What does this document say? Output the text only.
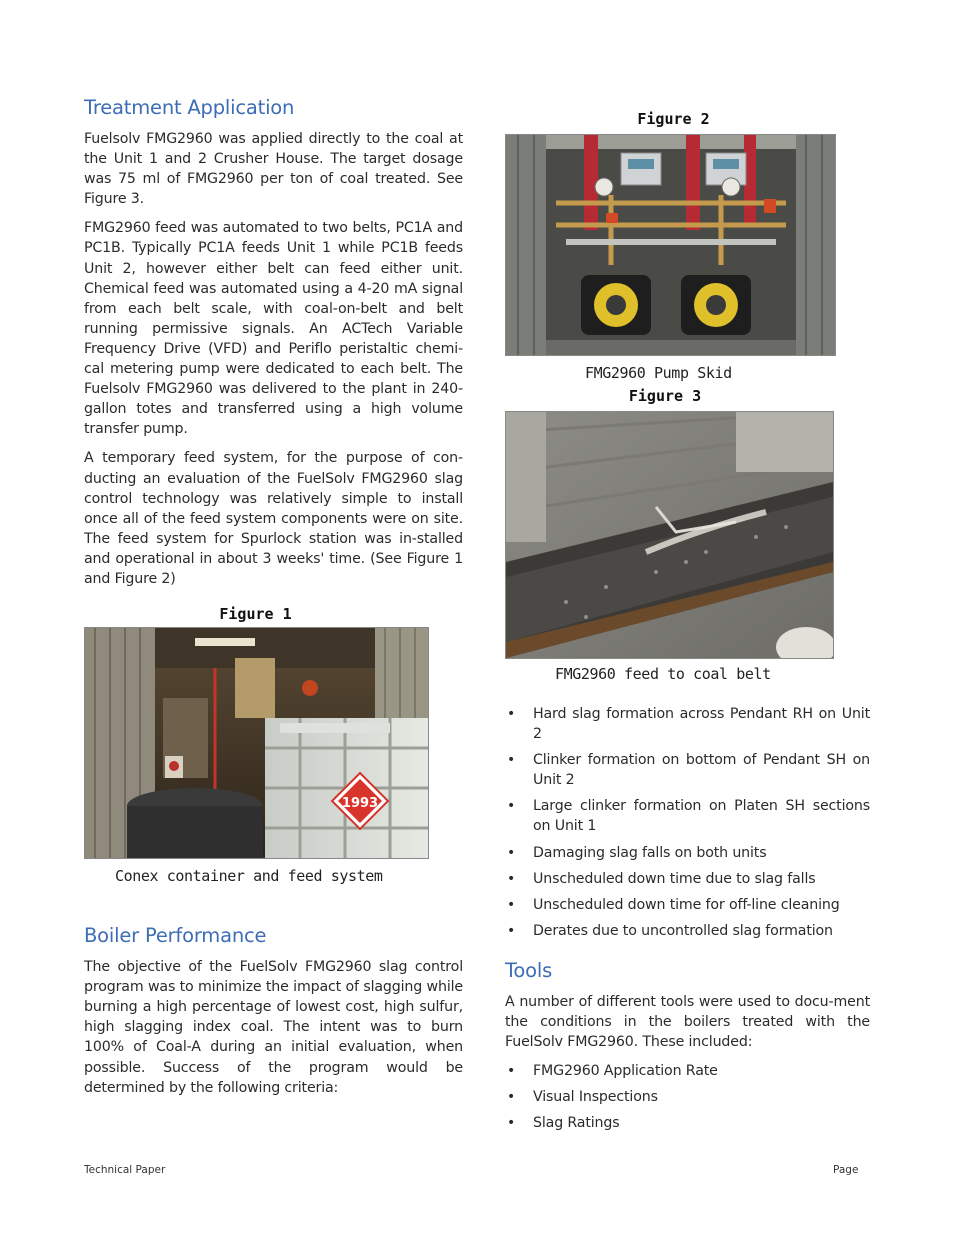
Treatment Application

Fuelsolv FMG2960 was applied directly to the coal at the Unit 1 and 2 Crusher House. The target dosage was 75 ml of FMG2960 per ton of coal treated. See Figure 3.

FMG2960 feed was automated to two belts, PC1A and PC1B. Typically PC1A feeds Unit 1 while PC1B feeds Unit 2, however either belt can feed either unit. Chemical feed was automated using a 4-20 mA signal from each belt scale, with coal-on-belt and belt running permissive signals. An ACTech Variable Frequency Drive (VFD) and Periflo peristaltic chemi-cal metering pump were dedicated to each belt. The Fuelsolv FMG2960 was delivered to the plant in 240-gallon totes and transferred using a high volume transfer pump.

A temporary feed system, for the purpose of con-ducting an evaluation of the FuelSolv FMG2960 slag control technology was relatively simple to install once all of the feed system components were on site. The feed system for Spurlock station was in-stalled and operational in about 3 weeks' time. (See Figure 1 and Figure 2)

Figure 1
1993
Conex container and feed system
Boiler Performance

The objective of the FuelSolv FMG2960 slag control program was to minimize the impact of slagging while burning a high percentage of lowest cost, high sulfur, high slagging index coal. The intent was to burn 100% of Coal-A during an initial evaluation, when possible. Success of the program would be determined by the following criteria:

Figure 2
FMG2960 Pump Skid
Figure 3
FMG2960 feed to coal belt
• Hard slag formation across Pendant RH on Unit 2
• Clinker formation on bottom of Pendant SH on Unit 2
• Large clinker formation on Platen SH sections on Unit 1
• Damaging slag falls on both units
• Unscheduled down time due to slag falls
• Unscheduled down time for off-line cleaning
• Derates due to uncontrolled slag formation
Tools

A number of different tools were used to docu-ment the conditions in the boilers treated with the FuelSolv FMG2960. These included:

• FMG2960 Application Rate
• Visual Inspections
• Slag Ratings
Technical Paper	Page
